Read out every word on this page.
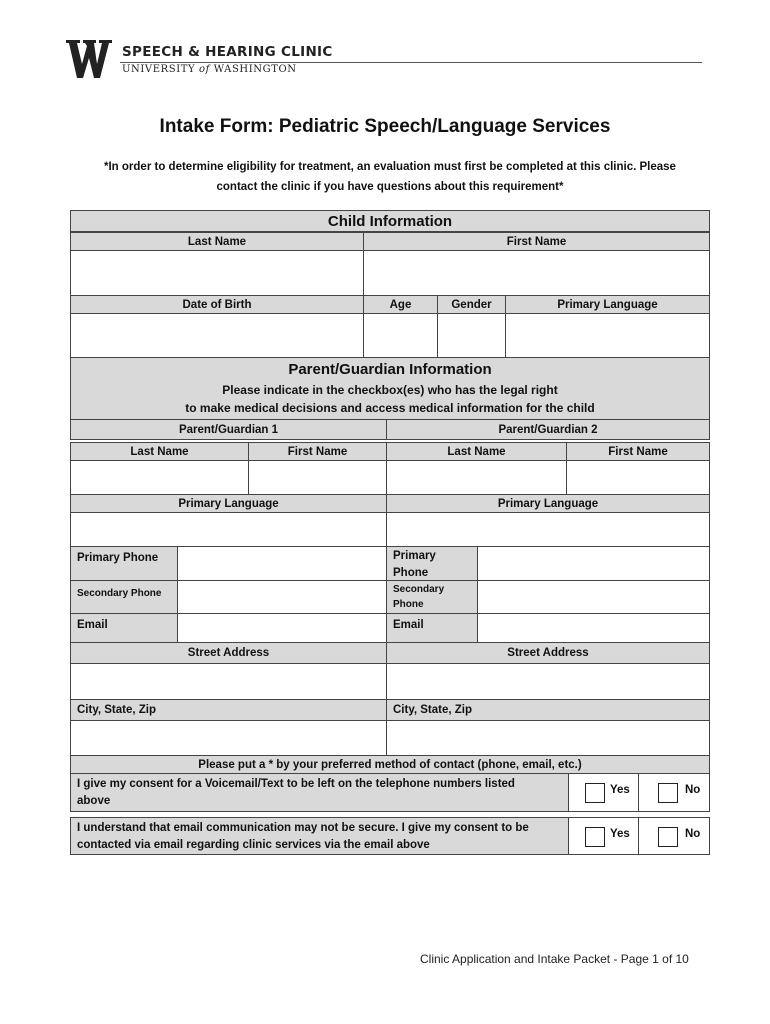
SPEECH & HEARING CLINIC
UNIVERSITY of WASHINGTON
Intake Form: Pediatric Speech/Language Services
*In order to determine eligibility for treatment, an evaluation must first be completed at this clinic. Please
contact the clinic if you have questions about this requirement*
Child Information
Last Name	First Name
Date of Birth	Age	Gender	Primary Language
Parent/Guardian Information
Please indicate in the checkbox(es) who has the legal right
to make medical decisions and access medical information for the child
Parent/Guardian 1	Parent/Guardian 2
Last Name	First Name	Last Name	First Name
Primary Language	Primary Language
Primary Phone	Primary
Phone
Secondary Phone	Secondary
Phone
Email	Email
Street Address	Street Address
City, State, Zip	City, State, Zip
Please put a * by your preferred method of contact (phone, email, etc.)
I give my consent for a Voicemail/Text to be left on the telephone numbers listed
above
Yes	No
I understand that email communication may not be secure. I give my consent to be
contacted via email regarding clinic services via the email above
Yes	No
Clinic Application and Intake Packet - Page 1 of 10
